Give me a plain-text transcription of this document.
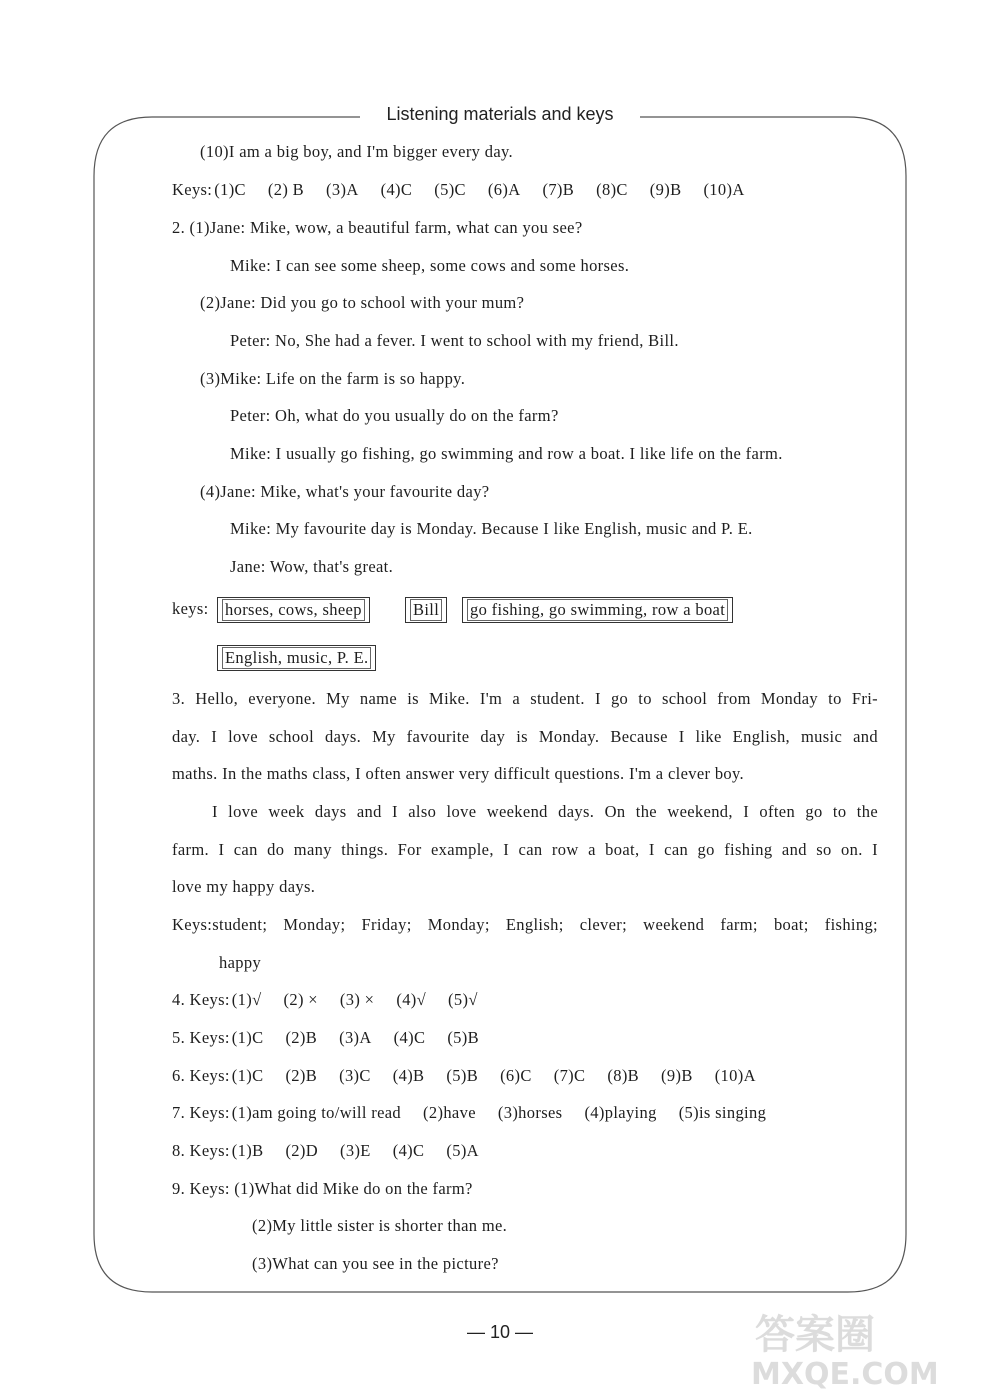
Listening materials and keys
(10)I am a big boy, and I'm bigger every day.
Keys: (1)C (2) B (3)A (4)C (5)C (6)A (7)B (8)C (9)B (10)A
2. (1)Jane: Mike, wow, a beautiful farm, what can you see?
Mike: I can see some sheep, some cows and some horses.
(2)Jane: Did you go to school with your mum?
Peter: No, She had a fever. I went to school with my friend, Bill.
(3)Mike: Life on the farm is so happy.
Peter: Oh, what do you usually do on the farm?
Mike: I usually go fishing, go swimming and row a boat. I like life on the farm.
(4)Jane: Mike, what's your favourite day?
Mike: My favourite day is Monday. Because I like English, music and P. E.
Jane: Wow, that's great.
keys: horses, cows, sheep	Bill	go fishing, go swimming, row a boat
English, music, P. E.
3. Hello, everyone. My name is Mike. I'm a student. I go to school from Monday to Fri-
day. I love school days. My favourite day is Monday. Because I like English, music and
maths. In the maths class, I often answer very difficult questions. I'm a clever boy.
I love week days and I also love weekend days. On the weekend, I often go to the
farm. I can do many things. For example, I can row a boat, I can go fishing and so on. I
love my happy days.
Keys:student; Monday; Friday; Monday; English; clever; weekend farm; boat; fishing;
happy
4. Keys: (1)√ (2) × (3) × (4)√ (5)√
5. Keys: (1)C (2)B (3)A (4)C (5)B
6. Keys: (1)C (2)B (3)C (4)B (5)B (6)C (7)C (8)B (9)B (10)A
7. Keys: (1)am going to/will read (2)have (3)horses (4)playing (5)is singing
8. Keys: (1)B (2)D (3)E (4)C (5)A
9. Keys: (1)What did Mike do on the farm?
(2)My little sister is shorter than me.
(3)What can you see in the picture?
— 10 —	答案圈
MXQE.COM
